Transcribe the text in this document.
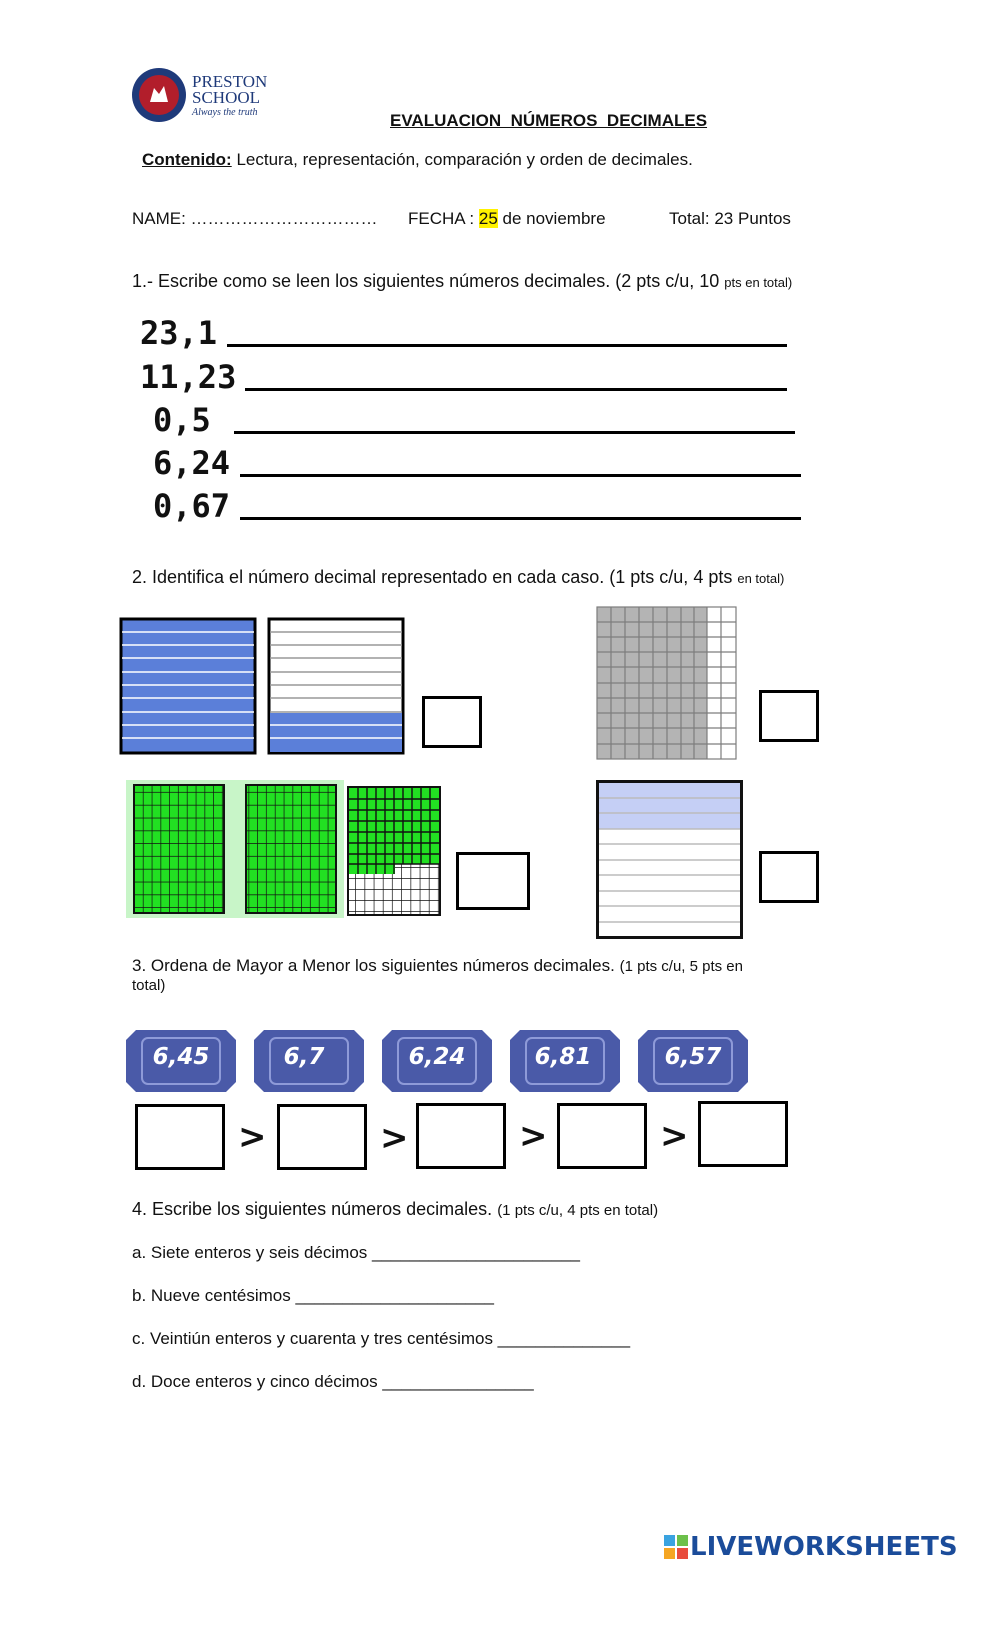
PRESTON
SCHOOL
Always the truth	EVALUACION  NÚMEROS  DECIMALES
Contenido: Lectura, representación, comparación y orden de decimales.
NAME: …………………………… FECHA : 25 de noviembre	Total: 23 Puntos
1.- Escribe como se leen los siguientes números decimales. (2 pts c/u, 10 pts en total)
23,1
11,23
0,5
6,24
0,67
2. Identifica el número decimal representado en cada caso. (1 pts c/u, 4 pts en total)
3. Ordena de Mayor a Menor los siguientes números decimales. (1 pts c/u, 5 pts en
total)
6,45	6,7	6,24	6,81	6,57
>	>	>	>
4. Escribe los siguientes números decimales. (1 pts c/u, 4 pts en total)
a. Siete enteros y seis décimos ______________________
b. Nueve centésimos _____________________
c. Veintiún enteros y cuarenta y tres centésimos ______________
d. Doce enteros y cinco décimos ________________
LIVEWORKSHEETS
